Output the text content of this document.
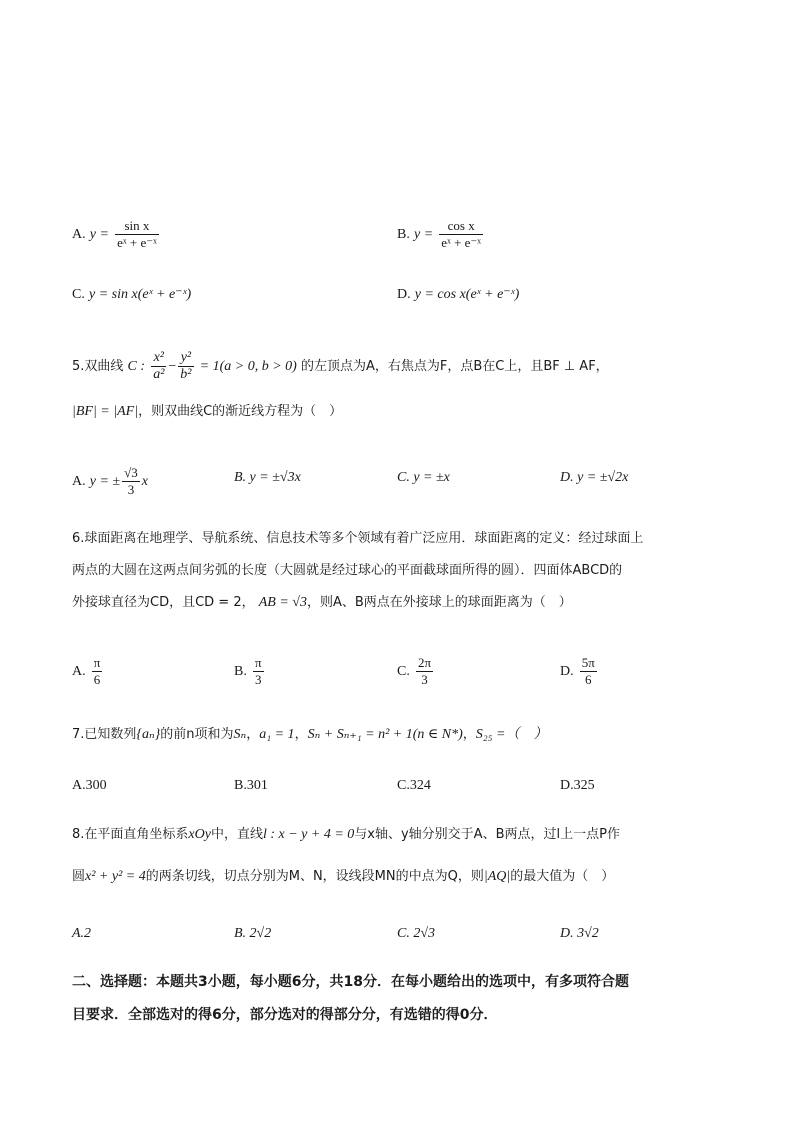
A. $y = \frac{\text{sin x}}{\text{eˣ + e⁻ˣ}}$	B. $y = \frac{\text{cos x}}{\text{eˣ + e⁻ˣ}}$
C. y = sin x(eˣ + e⁻ˣ)	D. y = cos x(eˣ + e⁻ˣ)
5.双曲线 C : $\frac{\text{x²}}{\text{a²}} - \frac{\text{y²}}{\text{b²}} = 1(a > 0$, b > 0) 的左顶点为A，右焦点为F，点B在C上，且BF ⊥ AF，
|BF| = |AF|，则双曲线C的渐近线方程为（　）
A. y = ± $\frac{√3}{3}$ x	B. y = ±√3x	C. y = ±x	D. y = ±√2x
6.球面距离在地理学、导航系统、信息技术等多个领域有着广泛应用．球面距离的定义：经过球面上
两点的大圆在这两点间劣弧的长度（大圆就是经过球心的平面截球面所得的圆）．四面体ABCD的
外接球直径为CD，且CD = 2， AB = √3，则A、B两点在外接球上的球面距离为（　）
A. $\frac{\pi}{6}$	B. $\frac{\pi}{3}$	C. $\frac{2\pi}{3}$	D. $\frac{5\pi}{6}$
7.已知数列{aₙ}的前n项和为Sₙ，a₁ = 1，Sₙ + Sₙ₊₁ = n² + 1(n ∈ N*)，S₂₅ =（　）
A.300	B.301	C.324	D.325
8.在平面直角坐标系xOy中，直线l : x − y + 4 = 0与x轴、y轴分别交于A、B两点，过l上一点P作
圆x² + y² = 4的两条切线，切点分别为M、N，设线段MN的中点为Q，则|AQ|的最大值为（　）
A.2	B. 2√2	C. 2√3	D. 3√2
二、选择题：本题共3小题，每小题6分，共18分．在每小题给出的选项中，有多项符合题
目要求．全部选对的得6分，部分选对的得部分分，有选错的得0分．
